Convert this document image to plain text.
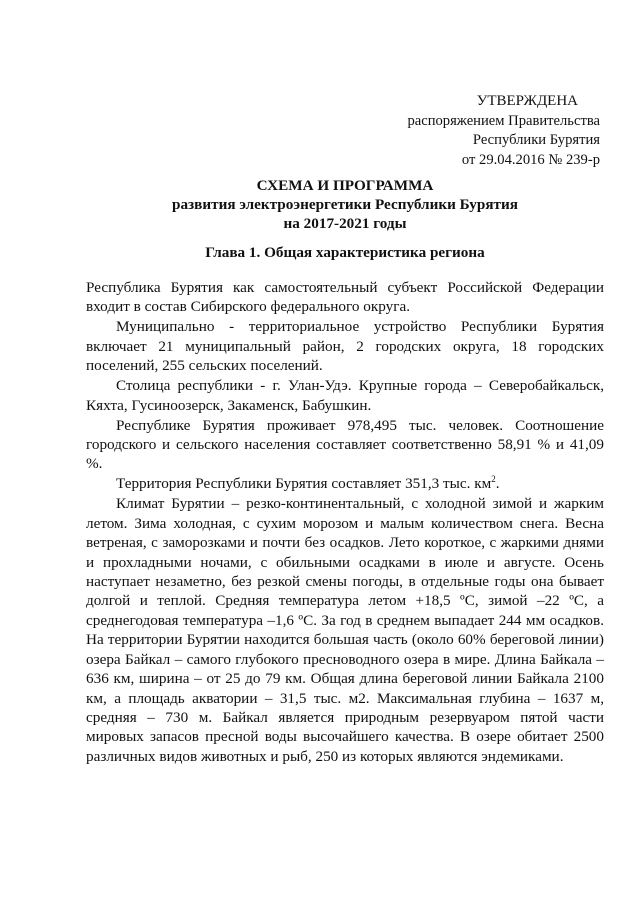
УТВЕРЖДЕНА
распоряжением Правительства
Республики Бурятия
от 29.04.2016 № 239-р
СХЕМА И ПРОГРАММА
развития электроэнергетики Республики Бурятия
на 2017-2021 годы
Глава 1. Общая характеристика региона

Республика Бурятия как самостоятельный субъект Российской Федерации входит в состав Сибирского федерального округа.

Муниципально - территориальное устройство Республики Бурятия включает 21 муниципальный район, 2 городских округа, 18 городских поселений, 255 сельских поселений.

Столица республики - г. Улан-Удэ. Крупные города – Северобайкальск, Кяхта, Гусиноозерск, Закаменск, Бабушкин.

Республике Бурятия проживает 978,495 тыс. человек. Соотношение городского и сельского населения составляет соответственно 58,91 % и 41,09 %.

Территория Республики Бурятия составляет 351,3 тыс. $км^2$.

Климат Бурятии – резко-континентальный, с холодной зимой и жарким летом. Зима холодная, с сухим морозом и малым количеством снега. Весна ветреная, с заморозками и почти без осадков. Лето короткое, с жаркими днями и прохладными ночами, с обильными осадками в июле и августе. Осень наступает незаметно, без резкой смены погоды, в отдельные годы она бывает долгой и теплой. Средняя температура летом +18,5 ºС, зимой –22 ºС, а среднегодовая температура –1,6 ºС. За год в среднем выпадает 244 мм осадков. На территории Бурятии находится большая часть (около 60% береговой линии) озера Байкал – самого глубокого пресноводного озера в мире. Длина Байкала – 636 км, ширина – от 25 до 79 км. Общая длина береговой линии Байкала 2100 км, а площадь акватории – 31,5 тыс. м2. Максимальная глубина – 1637 м, средняя – 730 м. Байкал является природным резервуаром пятой части мировых запасов пресной воды высочайшего качества. В озере обитает 2500 различных видов животных и рыб, 250 из которых являются эндемиками.
